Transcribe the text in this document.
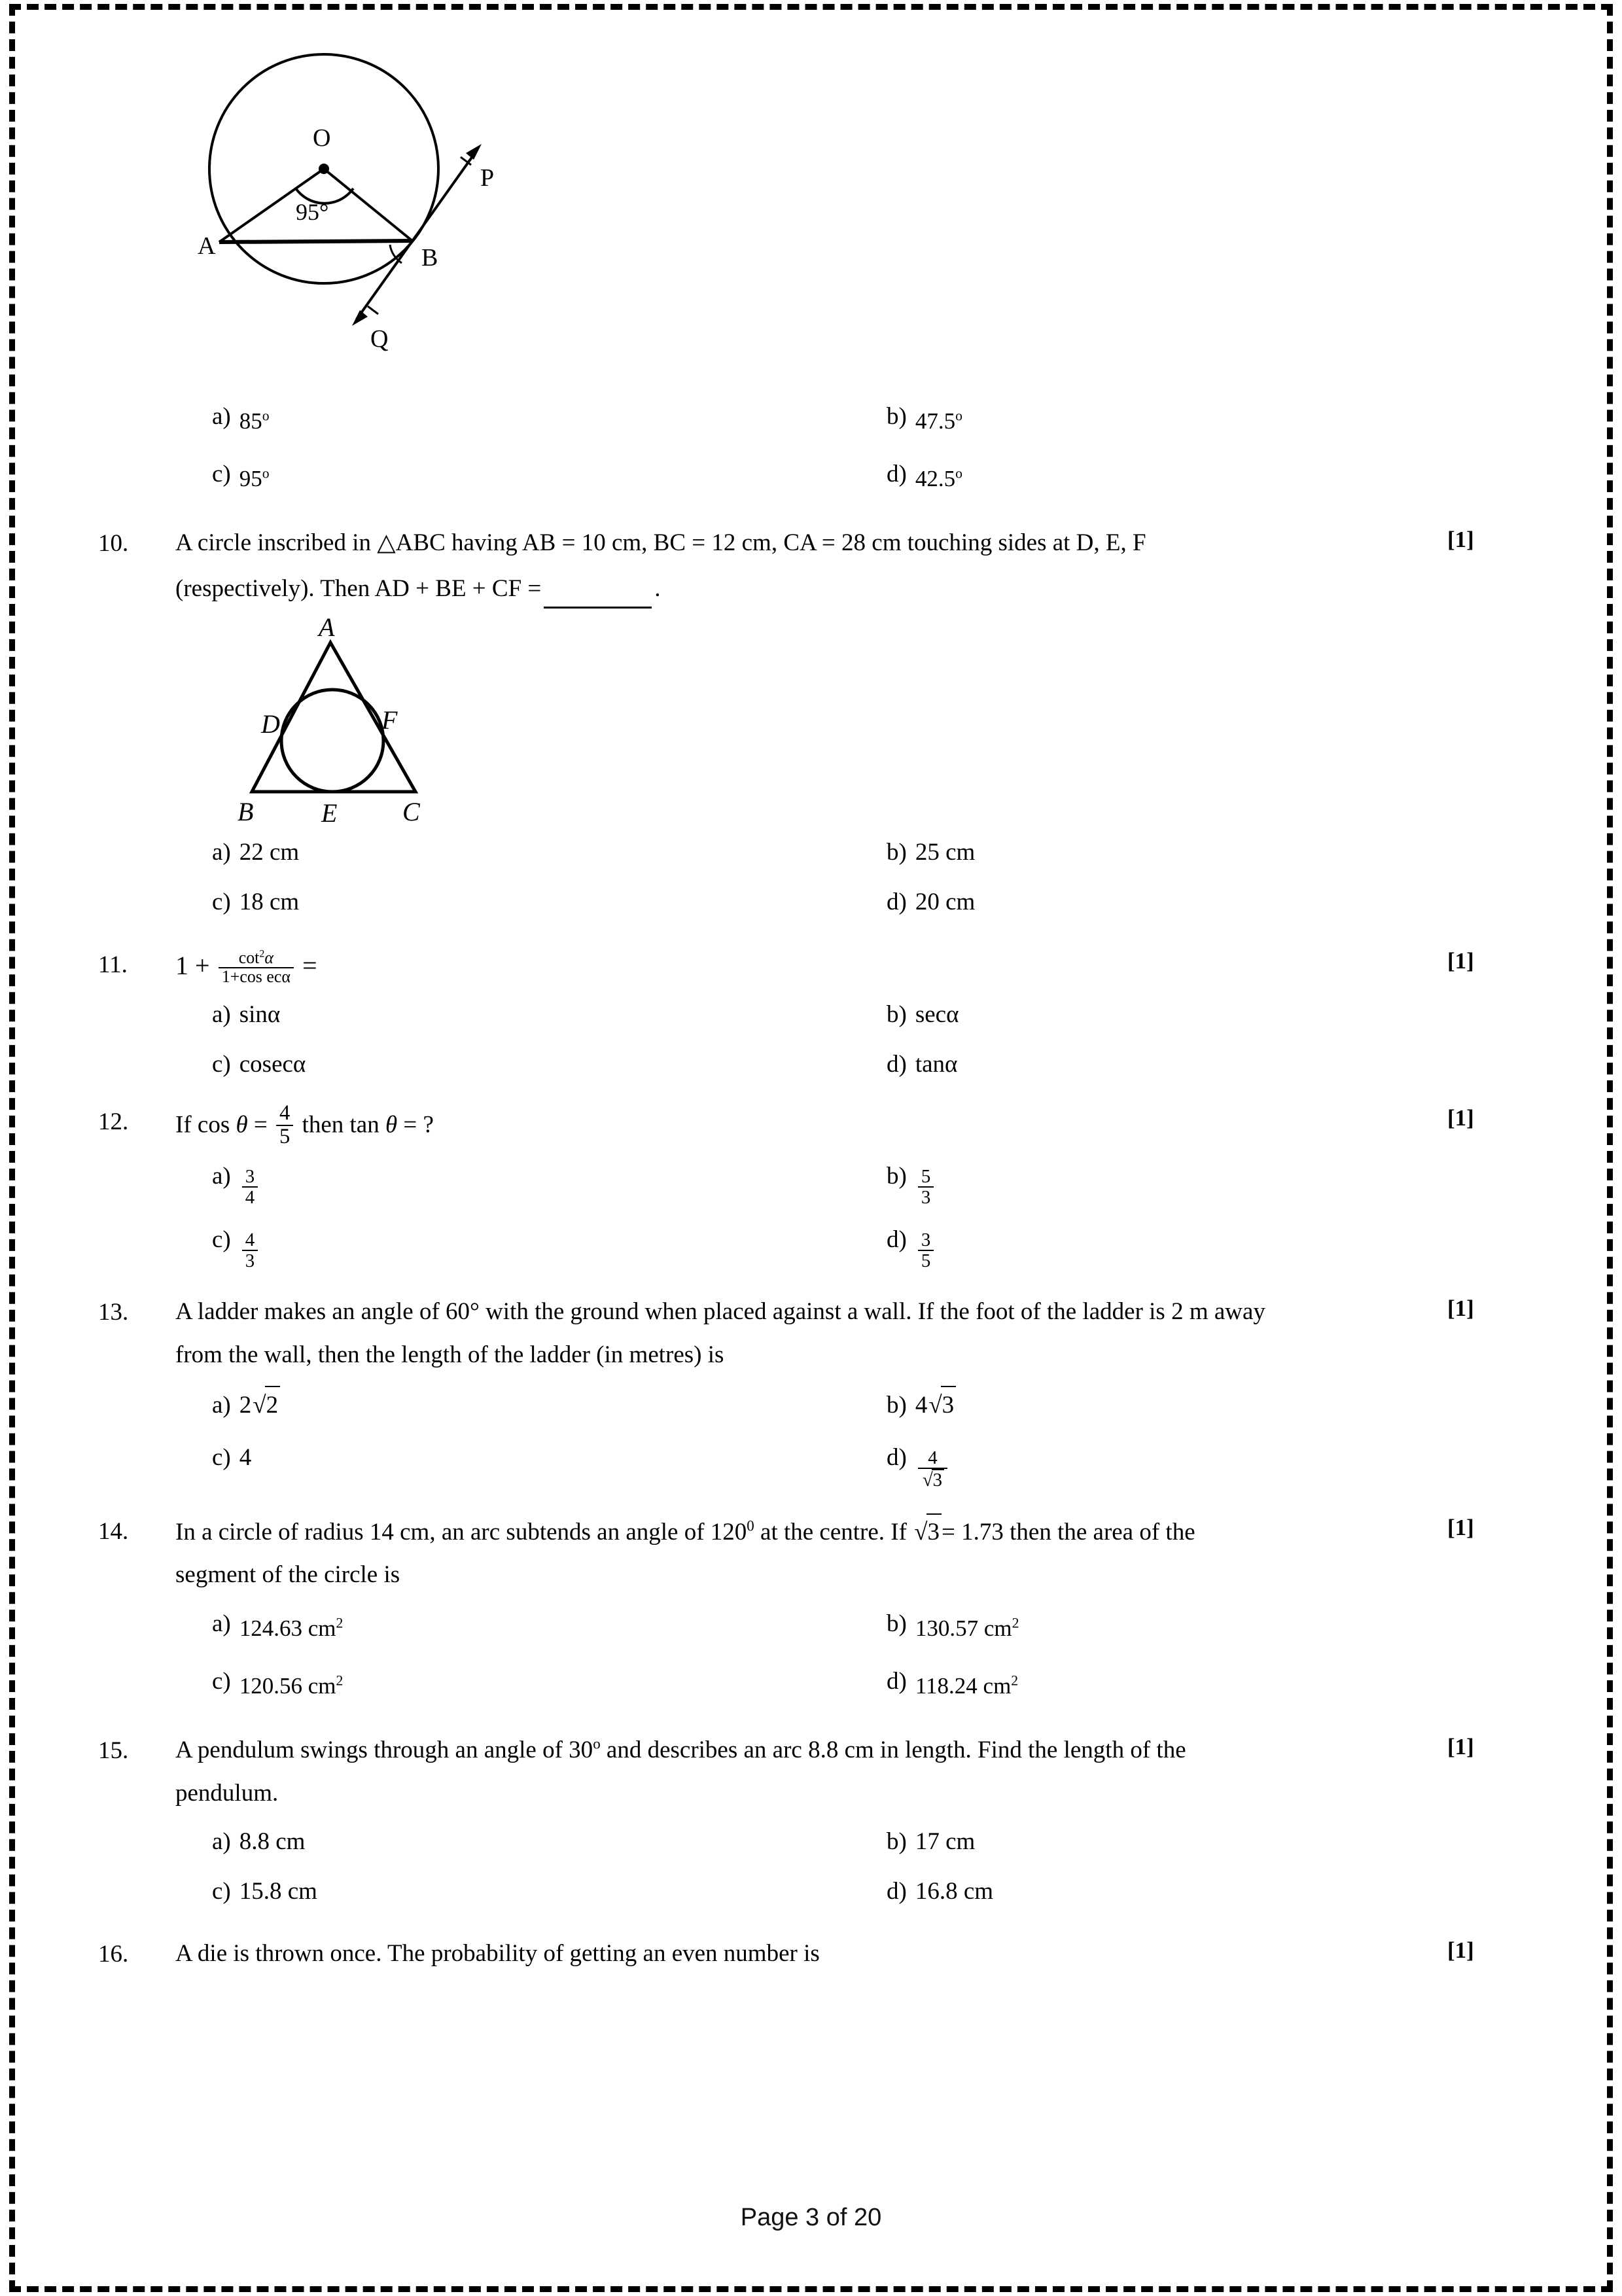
O
95°
A	B
P
Q
a) 85$^o$	b) 47.5$^o$
c) 95$^o$	d) 42.5$^o$
10.	A circle inscribed in △ABC having AB = 10 cm, BC = 12 cm, CA = 28 cm touching sides at D, E, F
(respectively). Then AD + BE + CF =	.
[1]
A
D	F
B	E C
a) 22 cm	b) 25 cm
c) 18 cm	d) 20 cm
11.	$1 + \frac{\cot^2\alpha}{\text{1+cos ecα}}$ =	[1]
a) sinα	b) secα
c) cosecα	d) tanα
12.	If $\cos \theta = \frac{4}{5}$ then tan θ = ?	[1]
$a) \frac{3}{4}$	$b) \frac{5}{3}$
$c) \frac{4}{3}$	$d) \frac{3}{5}$
13.	A ladder makes an angle of 60° with the ground when placed against a wall. If the foot of the ladder is 2 m away
from the wall, then the length of the ladder (in metres) is
[1]
a) 2√2	b) 4√3
c) 4	$d) \frac{4}{√3}$
14.	In a circle of radius 14 cm, an arc subtends an angle of $120^0$ at the centre. If √3= 1.73 then the area of the
segment of the circle is
[1]
a) 124.63 $cm^2$	b) 130.57 $cm^2$
c) 120.56 $cm^2$	d) 118.24 $cm^2$
15.	A pendulum swings through an angle of 30$^o$ and describes an arc 8.8 cm in length. Find the length of the
pendulum.
[1]
a) 8.8 cm	b) 17 cm
c) 15.8 cm	d) 16.8 cm
16.	A die is thrown once. The probability of getting an even number is	[1]
Page 3 of 20
